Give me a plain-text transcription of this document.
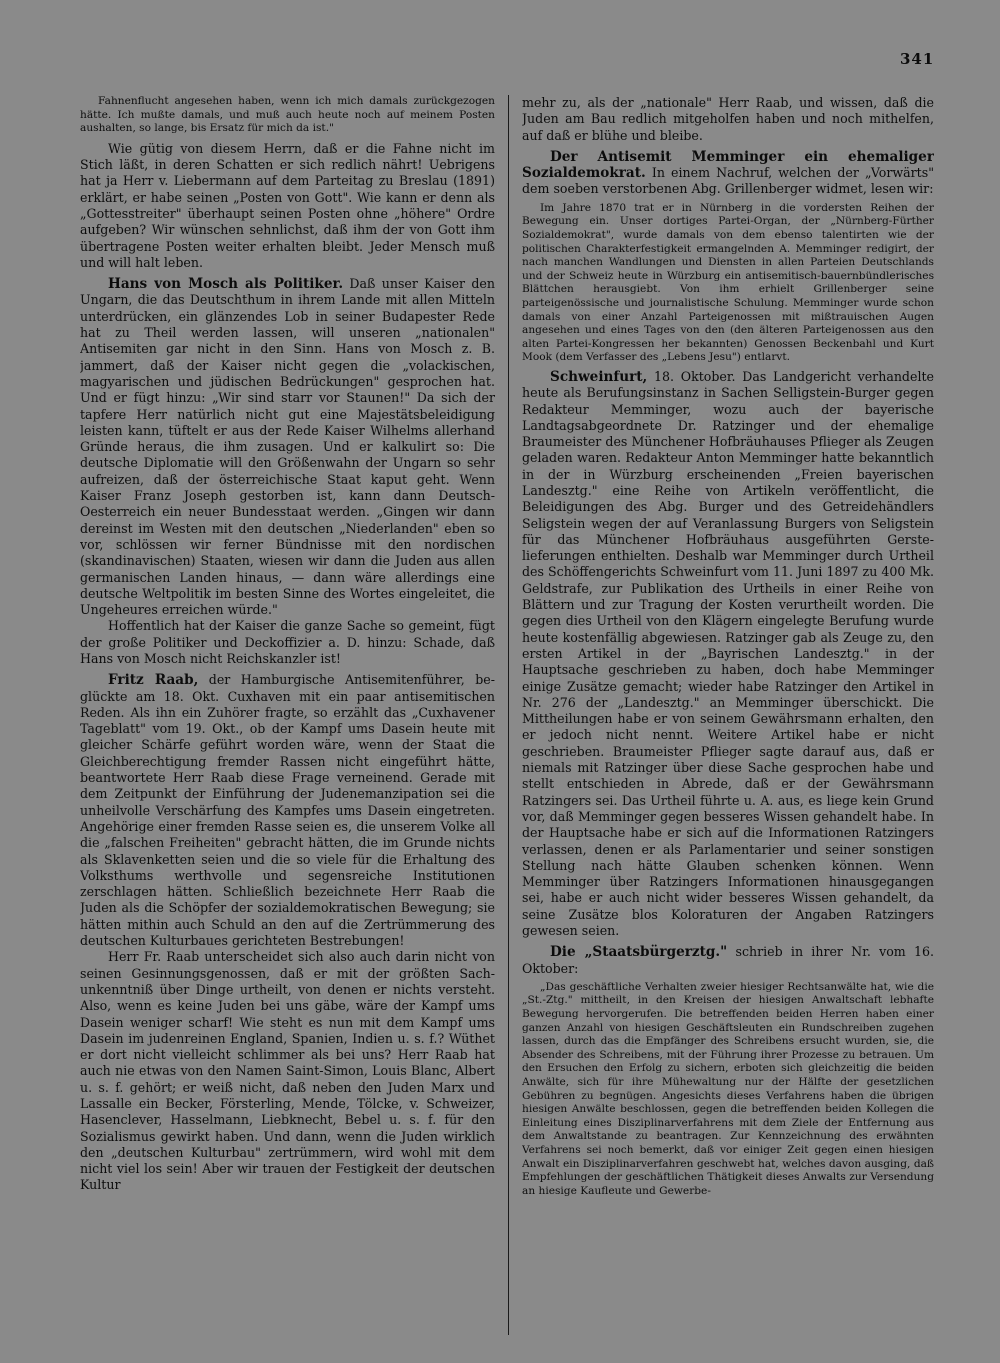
341

Fahnenflucht angesehen haben, wenn ich mich damals zurückgezogen hätte. Ich mußte damals, und muß auch heute noch auf meinem Posten aushalten, so lange, bis Ersatz für mich da ist."

Wie gütig von diesem Herrn, daß er die Fahne nicht im Stich läßt, in deren Schatten er sich redlich nährt! Uebrigens hat ja Herr v. Liebermann auf dem Parteitag zu Breslau (1891) erklärt, er habe seinen „Posten von Gott". Wie kann er denn als „Gottesstreiter" überhaupt seinen Posten ohne „höhere" Ordre aufgeben? Wir wünschen sehnlichst, daß ihm der von Gott ihm übertragene Posten weiter erhalten bleibt. Jeder Mensch muß und will halt leben.

Hans von Mosch als Politiker. Daß unser Kaiser den Ungarn, die das Deutschthum in ihrem Lande mit allen Mitteln unterdrücken, ein glänzendes Lob in seiner Budapester Rede hat zu Theil werden lassen, will unseren „nationalen" Antisemiten gar nicht in den Sinn. Hans von Mosch z. B. jammert, daß der Kaiser nicht gegen die „volackischen, magyarischen und jüdischen Bedrückungen" gesprochen hat. Und er fügt hinzu: „Wir sind starr vor Staunen!" Da sich der tapfere Herr natürlich nicht gut eine Majestätsbeleidigung leisten kann, tüftelt er aus der Rede Kaiser Wilhelms allerhand Gründe heraus, die ihm zusagen. Und er kalkulirt so: Die deutsche Diplomatie will den Größenwahn der Ungarn so sehr aufreizen, daß der österreichische Staat kaput geht. Wenn Kaiser Franz Joseph gestorben ist, kann dann Deutsch-Oesterreich ein neuer Bundesstaat werden. „Gingen wir dann dereinst im Westen mit den deutschen „Niederlanden" eben so vor, schlössen wir ferner Bündnisse mit den nordischen (skandinavischen) Staaten, wiesen wir dann die Juden aus allen germanischen Landen hinaus, — dann wäre allerdings eine deutsche Weltpolitik im besten Sinne des Wortes eingeleitet, die Ungeheures erreichen würde."

Hoffentlich hat der Kaiser die ganze Sache so gemeint, fügt der große Politiker und Deckoffizier a. D. hinzu: Schade, daß Hans von Mosch nicht Reichskanzler ist!

Fritz Raab, der Hamburgische Antisemitenführer, beglückte am 18. Okt. Cuxhaven mit ein paar antisemitischen Reden. Als ihn ein Zuhörer fragte, so erzählt das „Cuxhavener Tageblatt" vom 19. Okt., ob der Kampf ums Dasein heute mit gleicher Schärfe geführt worden wäre, wenn der Staat die Gleichberechtigung fremder Rassen nicht eingeführt hätte, beantwortete Herr Raab diese Frage verneinend. Gerade mit dem Zeitpunkt der Einführung der Judenemanzipation sei die unheilvolle Verschärfung des Kampfes ums Dasein eingetreten. Angehörige einer fremden Rasse seien es, die unserem Volke all die „falschen Freiheiten" gebracht hätten, die im Grunde nichts als Sklavenketten seien und die so viele für die Erhaltung des Volksthums werthvolle und segensreiche Institutionen zerschlagen hätten. Schließlich bezeichnete Herr Raab die Juden als die Schöpfer der sozialdemokratischen Bewegung; sie hätten mithin auch Schuld an den auf die Zertrümmerung des deutschen Kulturbaues gerichteten Bestrebungen!

Herr Fr. Raab unterscheidet sich also auch darin nicht von seinen Gesinnungsgenossen, daß er mit der größten Sachunkenntniß über Dinge urtheilt, von denen er nichts versteht. Also, wenn es keine Juden bei uns gäbe, wäre der Kampf ums Dasein weniger scharf! Wie steht es nun mit dem Kampf ums Dasein im judenreinen England, Spanien, Indien u. s. f.? Wüthet er dort nicht vielleicht schlimmer als bei uns? Herr Raab hat auch nie etwas von den Namen Saint-Simon, Louis Blanc, Albert u. s. f. gehört; er weiß nicht, daß neben den Juden Marx und Lassalle ein Becker, Försterling, Mende, Tölcke, v. Schweizer, Hasenclever, Hasselmann, Liebknecht, Bebel u. s. f. für den Sozialismus gewirkt haben. Und dann, wenn die Juden wirklich den „deutschen Kulturbau" zertrümmern, wird wohl mit dem nicht viel los sein! Aber wir trauen der Festigkeit der deutschen Kultur

mehr zu, als der „nationale" Herr Raab, und wissen, daß die Juden am Bau redlich mitgeholfen haben und noch mithelfen, auf daß er blühe und bleibe.

Der Antisemit Memminger ein ehemaliger Sozialdemokrat. In einem Nachruf, welchen der „Vorwärts" dem soeben verstorbenen Abg. Grillenberger widmet, lesen wir:

Im Jahre 1870 trat er in Nürnberg in die vordersten Reihen der Bewegung ein. Unser dortiges Partei-Organ, der „Nürnberg-Fürther Sozialdemokrat", wurde damals von dem ebenso talentirten wie der politischen Charakterfestigkeit ermangelnden A. Memminger redigirt, der nach manchen Wandlungen und Diensten in allen Parteien Deutschlands und der Schweiz heute in Würzburg ein antisemitisch-bauernbündlerisches Blättchen herausgiebt. Von ihm erhielt Grillenberger seine parteigenössische und journalistische Schulung. Memminger wurde schon damals von einer Anzahl Parteigenossen mit mißtrauischen Augen angesehen und eines Tages von den (den älteren Parteigenossen aus den alten Partei-Kongressen her bekannten) Genossen Beckenbahl und Kurt Mook (dem Verfasser des „Lebens Jesu") entlarvt.

Schweinfurt, 18. Oktober. Das Landgericht verhandelte heute als Berufungsinstanz in Sachen Selligstein-Burger gegen Redakteur Memminger, wozu auch der bayerische Landtagsabgeordnete Dr. Ratzinger und der ehemalige Braumeister des Münchener Hofbräuhauses Pflieger als Zeugen geladen waren. Redakteur Anton Memminger hatte bekanntlich in der in Würzburg erscheinenden „Freien bayerischen Landesztg." eine Reihe von Artikeln veröffentlicht, die Beleidigungen des Abg. Burger und des Getreidehändlers Seligstein wegen der auf Veranlassung Burgers von Seligstein für das Münchener Hofbräuhaus ausgeführten Gerstelieferungen enthielten. Deshalb war Memminger durch Urtheil des Schöffengerichts Schweinfurt vom 11. Juni 1897 zu 400 Mk. Geldstrafe, zur Publikation des Urtheils in einer Reihe von Blättern und zur Tragung der Kosten verurtheilt worden. Die gegen dies Urtheil von den Klägern eingelegte Berufung wurde heute kostenfällig abgewiesen. Ratzinger gab als Zeuge zu, den ersten Artikel in der „Bayrischen Landesztg." in der Hauptsache geschrieben zu haben, doch habe Memminger einige Zusätze gemacht; wieder habe Ratzinger den Artikel in Nr. 276 der „Landesztg." an Memminger überschickt. Die Mittheilungen habe er von seinem Gewährsmann erhalten, den er jedoch nicht nennt. Weitere Artikel habe er nicht geschrieben. Braumeister Pflieger sagte darauf aus, daß er niemals mit Ratzinger über diese Sache gesprochen habe und stellt entschieden in Abrede, daß er der Gewährsmann Ratzingers sei. Das Urtheil führte u. A. aus, es liege kein Grund vor, daß Memminger gegen besseres Wissen gehandelt habe. In der Hauptsache habe er sich auf die Informationen Ratzingers verlassen, denen er als Parlamentarier und seiner sonstigen Stellung nach hätte Glauben schenken können. Wenn Memminger über Ratzingers Informationen hinausgegangen sei, habe er auch nicht wider besseres Wissen gehandelt, da seine Zusätze blos Koloraturen der Angaben Ratzingers gewesen seien.

Die „Staatsbürgerztg." schrieb in ihrer Nr. vom 16. Oktober:

„Das geschäftliche Verhalten zweier hiesiger Rechtsanwälte hat, wie die „St.-Ztg." mittheilt, in den Kreisen der hiesigen Anwaltschaft lebhafte Bewegung hervorgerufen. Die betreffenden beiden Herren haben einer ganzen Anzahl von hiesigen Geschäftsleuten ein Rundschreiben zugehen lassen, durch das die Empfänger des Schreibens ersucht wurden, sie, die Absender des Schreibens, mit der Führung ihrer Prozesse zu betrauen. Um den Ersuchen den Erfolg zu sichern, erboten sich gleichzeitig die beiden Anwälte, sich für ihre Mühewaltung nur der Hälfte der gesetzlichen Gebühren zu begnügen. Angesichts dieses Verfahrens haben die übrigen hiesigen Anwälte beschlossen, gegen die betreffenden beiden Kollegen die Einleitung eines Disziplinarverfahrens mit dem Ziele der Entfernung aus dem Anwaltstande zu beantragen. Zur Kennzeichnung des erwähnten Verfahrens sei noch bemerkt, daß vor einiger Zeit gegen einen hiesigen Anwalt ein Disziplinarverfahren geschwebt hat, welches davon ausging, daß Empfehlungen der geschäftlichen Thätigkeit dieses Anwalts zur Versendung an hiesige Kaufleute und Gewerbe-
